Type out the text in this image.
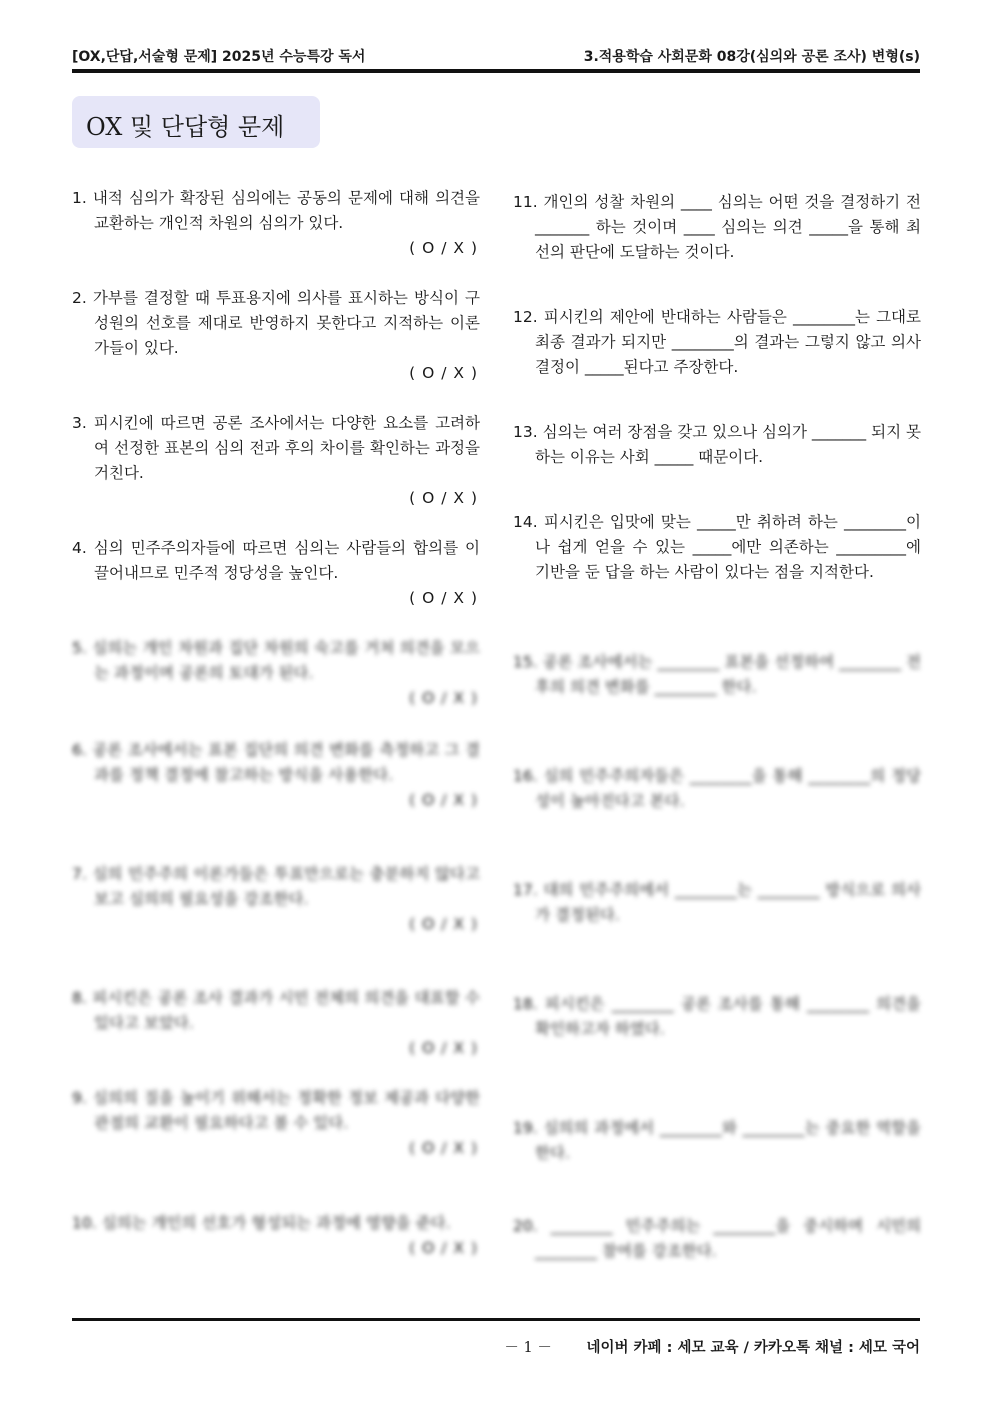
[OX,단답,서술형 문제] 2025년 수능특강 독서	3.적용학습 사회문화 08강(심의와 공론 조사) 변형(s)
OX 및 단답형 문제
1. 내적 심의가 확장된 심의에는 공동의 문제에 대해 의견을 교환하는 개인적 차원의 심의가 있다.
( O / X )
2. 가부를 결정할 때 투표용지에 의사를 표시하는 방식이 구성원의 선호를 제대로 반영하지 못한다고 지적하는 이론가들이 있다.
( O / X )
3. 피시킨에 따르면 공론 조사에서는 다양한 요소를 고려하여 선정한 표본의 심의 전과 후의 차이를 확인하는 과정을 거친다.
( O / X )
4. 심의 민주주의자들에 따르면 심의는 사람들의 합의를 이끌어내므로 민주적 정당성을 높인다.
( O / X )
5. 심의는 개인 차원과 집단 차원의 숙고를 거쳐 의견을 모으는 과정이며 공론의 토대가 된다.
( O / X )
6. 공론 조사에서는 표본 집단의 의견 변화를 측정하고 그 결과를 정책 결정에 참고하는 방식을 사용한다.
( O / X )
7. 심의 민주주의 이론가들은 투표만으로는 충분하지 않다고 보고 심의의 필요성을 강조한다.
( O / X )
8. 피시킨은 공론 조사 결과가 시민 전체의 의견을 대표할 수 있다고 보았다.
( O / X )
9. 심의의 질을 높이기 위해서는 정확한 정보 제공과 다양한 관점의 교환이 필요하다고 볼 수 있다.
( O / X )
10. 심의는 개인의 선호가 형성되는 과정에 영향을 준다.
( O / X )
11. 개인의 성찰 차원의 ____ 심의는 어떤 것을 결정하기 전 _______ 하는 것이며 ____ 심의는 의견 _____을 통해 최선의 판단에 도달하는 것이다.
12. 피시킨의 제안에 반대하는 사람들은 ________는 그대로 최종 결과가 되지만 ________의 결과는 그렇지 않고 의사 결정이 _____된다고 주장한다.
13. 심의는 여러 장점을 갖고 있으나 심의가 _______ 되지 못하는 이유는 사회 _____ 때문이다.
14. 피시킨은 입맛에 맞는 _____만 취하려 하는 ________이나 쉽게 얻을 수 있는 _____에만 의존하는 _________에 기반을 둔 답을 하는 사람이 있다는 점을 지적한다.
15. 공론 조사에서는 ________ 표본을 선정하여 ________ 전후의 의견 변화를 ________ 한다.
16. 심의 민주주의자들은 ________을 통해 ________의 정당성이 높아진다고 본다.
17. 대의 민주주의에서 ________는 ________ 방식으로 의사가 결정된다.
18. 피시킨은 ________ 공론 조사를 통해 ________ 의견을 확인하고자 하였다.
19. 심의의 과정에서 ________와 ________는 중요한 역할을 한다.
20. ________ 민주주의는 ________을 중시하며 시민의 ________ 참여를 강조한다.
－ 1 － 네이버 카페 : 세모 교육 / 카카오톡 채널 : 세모 국어
